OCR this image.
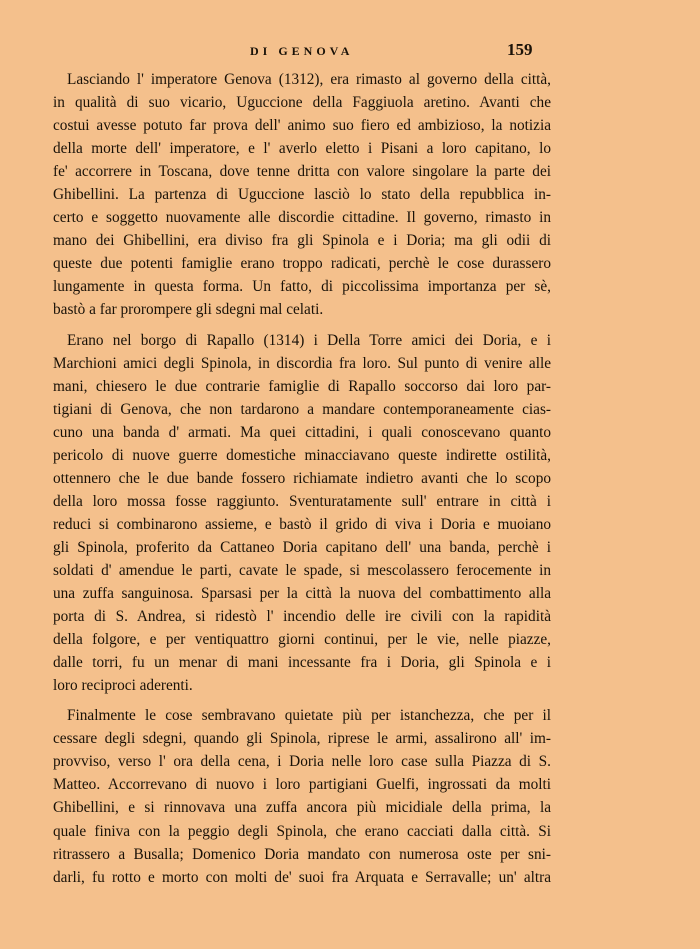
DI GENOVA	159
Lasciando l' imperatore Genova (1312), era rimasto al governo della città,
in qualità di suo vicario, Uguccione della Faggiuola aretino. Avanti che
costui avesse potuto far prova dell' animo suo fiero ed ambizioso, la notizia
della morte dell' imperatore, e l' averlo eletto i Pisani a loro capitano, lo
fe' accorrere in Toscana, dove tenne dritta con valore singolare la parte dei
Ghibellini. La partenza di Uguccione lasciò lo stato della repubblica in-
certo e soggetto nuovamente alle discordie cittadine. Il governo, rimasto in
mano dei Ghibellini, era diviso fra gli Spinola e i Doria; ma gli odii di
queste due potenti famiglie erano troppo radicati, perchè le cose durassero
lungamente in questa forma. Un fatto, di piccolissima importanza per sè,
bastò a far prorompere gli sdegni mal celati.
Erano nel borgo di Rapallo (1314) i Della Torre amici dei Doria, e i
Marchioni amici degli Spinola, in discordia fra loro. Sul punto di venire alle
mani, chiesero le due contrarie famiglie di Rapallo soccorso dai loro par-
tigiani di Genova, che non tardarono a mandare contemporaneamente cias-
cuno una banda d' armati. Ma quei cittadini, i quali conoscevano quanto
pericolo di nuove guerre domestiche minacciavano queste indirette ostilità,
ottennero che le due bande fossero richiamate indietro avanti che lo scopo
della loro mossa fosse raggiunto. Sventuratamente sull' entrare in città i
reduci si combinarono assieme, e bastò il grido di viva i Doria e muoiano
gli Spinola, proferito da Cattaneo Doria capitano dell' una banda, perchè i
soldati d' amendue le parti, cavate le spade, si mescolassero ferocemente in
una zuffa sanguinosa. Sparsasi per la città la nuova del combattimento alla
porta di S. Andrea, si ridestò l' incendio delle ire civili con la rapidità
della folgore, e per ventiquattro giorni continui, per le vie, nelle piazze,
dalle torri, fu un menar di mani incessante fra i Doria, gli Spinola e i
loro reciproci aderenti.
Finalmente le cose sembravano quietate più per istanchezza, che per il
cessare degli sdegni, quando gli Spinola, riprese le armi, assalirono all' im-
provviso, verso l' ora della cena, i Doria nelle loro case sulla Piazza di S.
Matteo. Accorrevano di nuovo i loro partigiani Guelfi, ingrossati da molti
Ghibellini, e si rinnovava una zuffa ancora più micidiale della prima, la
quale finiva con la peggio degli Spinola, che erano cacciati dalla città. Si
ritrassero a Busalla; Domenico Doria mandato con numerosa oste per sni-
darli, fu rotto e morto con molti de' suoi fra Arquata e Serravalle; un' altra
